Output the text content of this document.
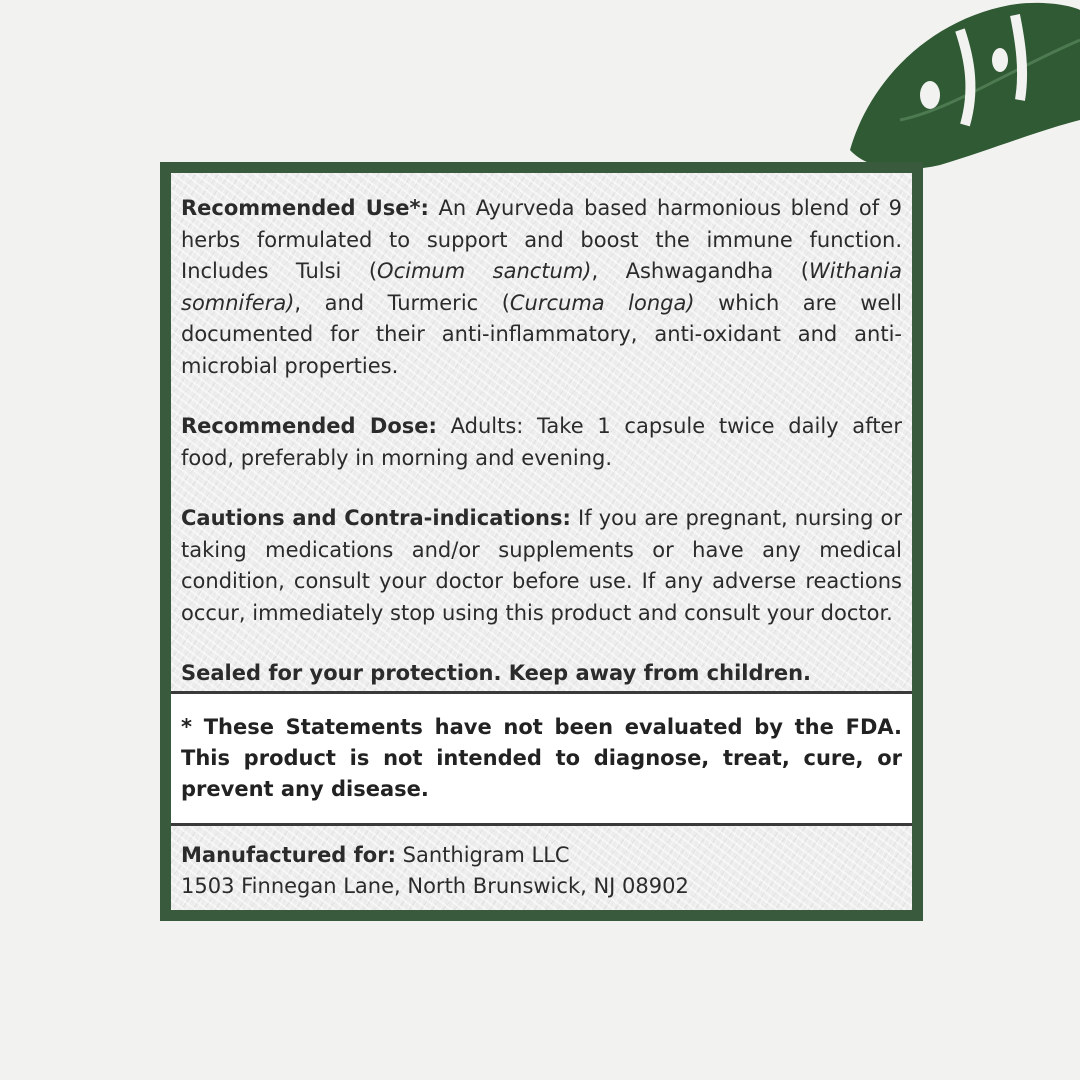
Recommended Use*: An Ayurveda based harmonious blend of 9 herbs formulated to support and boost the immune function. Includes Tulsi (Ocimum sanctum), Ashwagandha (Withania somnifera), and Turmeric (Curcuma longa) which are well documented for their anti-inflammatory, anti-oxidant and anti-microbial properties.

Recommended Dose: Adults: Take 1 capsule twice daily after food, preferably in morning and evening.

Cautions and Contra-indications: If you are pregnant, nursing or taking medications and/or supplements or have any medical condition, consult your doctor before use. If any adverse reactions occur, immediately stop using this product and consult your doctor.

Sealed for your protection. Keep away from children.

* These Statements have not been evaluated by the FDA. This product is not intended to diagnose, treat, cure, or prevent any disease.
Manufactured for: Santhigram LLC
1503 Finnegan Lane, North Brunswick, NJ 08902
